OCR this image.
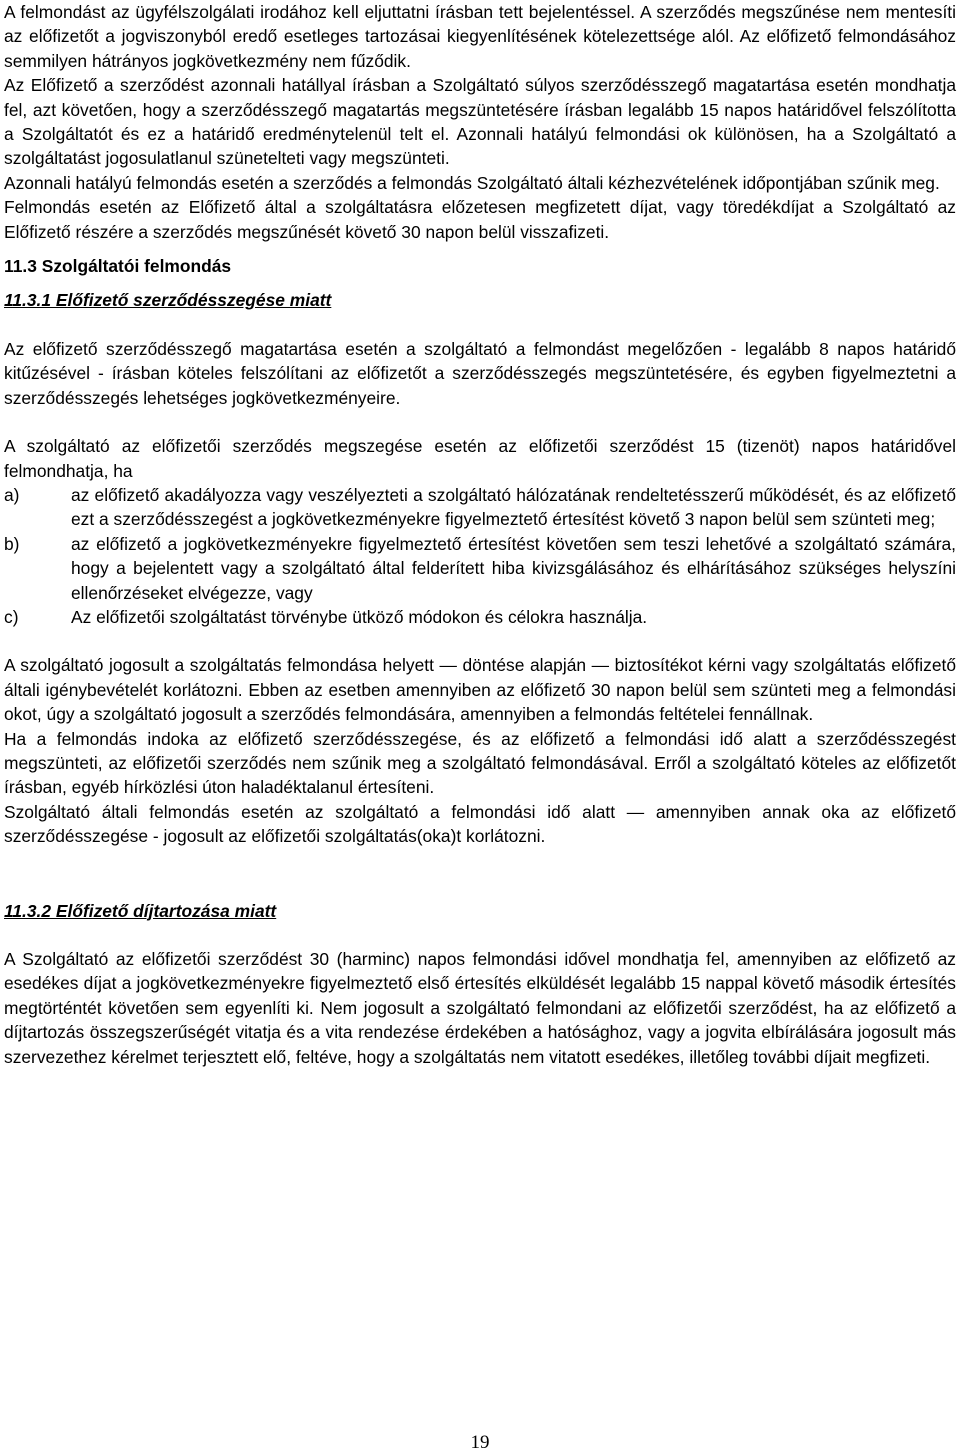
A felmondást az ügyfélszolgálati irodához kell eljuttatni írásban tett bejelentéssel. A szerződés megszűnése nem mentesíti az előfizetőt a jogviszonyból eredő esetleges tartozásai kiegyenlítésének kötelezettsége alól. Az előfizető felmondásához semmilyen hátrányos jogkövetkezmény nem fűződik.

Az Előfizető a szerződést azonnali hatállyal írásban a Szolgáltató súlyos szerződésszegő magatartása esetén mondhatja fel, azt követően, hogy a szerződésszegő magatartás megszüntetésére írásban legalább 15 napos határidővel felszólította a Szolgáltatót és ez a határidő eredménytelenül telt el. Azonnali hatályú felmondási ok különösen, ha a Szolgáltató a szolgáltatást jogosulatlanul szünetelteti vagy megszünteti.

Azonnali hatályú felmondás esetén a szerződés a felmondás Szolgáltató általi kézhezvételének időpontjában szűnik meg.

Felmondás esetén az Előfizető által a szolgáltatásra előzetesen megfizetett díjat, vagy töredékdíjat a Szolgáltató az Előfizető részére a szerződés megszűnését követő 30 napon belül visszafizeti.

11.3 Szolgáltatói felmondás

11.3.1 Előfizető szerződésszegése miatt

Az előfizető szerződésszegő magatartása esetén a szolgáltató a felmondást megelőzően - legalább 8 napos határidő kitűzésével - írásban köteles felszólítani az előfizetőt a szerződésszegés megszüntetésére, és egyben figyelmeztetni a szerződésszegés lehetséges jogkövetkezményeire.

A szolgáltató az előfizetői szerződés megszegése esetén az előfizetői szerződést 15 (tizenöt) napos határidővel felmondhatja, ha

a)	az előfizető akadályozza vagy veszélyezteti a szolgáltató hálózatának rendeltetésszerű működését, és az előfizető ezt a szerződésszegést a jogkövetkezményekre figyelmeztető értesítést követő 3 napon belül sem szünteti meg;
b)	az előfizető a jogkövetkezményekre figyelmeztető értesítést követően sem teszi lehetővé a szolgáltató számára, hogy a bejelentett vagy a szolgáltató által felderített hiba kivizsgálásához és elhárításához szükséges helyszíni ellenőrzéseket elvégezze, vagy
c)	Az előfizetői szolgáltatást törvénybe ütköző módokon és célokra használja.

A szolgáltató jogosult a szolgáltatás felmondása helyett — döntése alapján — biztosítékot kérni vagy szolgáltatás előfizető általi igénybevételét korlátozni. Ebben az esetben amennyiben az előfizető 30 napon belül sem szünteti meg a felmondási okot, úgy a szolgáltató jogosult a szerződés felmondására, amennyiben a felmondás feltételei fennállnak.

Ha a felmondás indoka az előfizető szerződésszegése, és az előfizető a felmondási idő alatt a szerződésszegést megszünteti, az előfizetői szerződés nem szűnik meg a szolgáltató felmondásával. Erről a szolgáltató köteles az előfizetőt írásban, egyéb hírközlési úton haladéktalanul értesíteni.

Szolgáltató általi felmondás esetén az szolgáltató a felmondási idő alatt — amennyiben annak oka az előfizető szerződésszegése - jogosult az előfizetői szolgáltatás(oka)t korlátozni.

11.3.2 Előfizető díjtartozása miatt

A Szolgáltató az előfizetői szerződést 30 (harminc) napos felmondási idővel mondhatja fel, amennyiben az előfizető az esedékes díjat a jogkövetkezményekre figyelmeztető első értesítés elküldését legalább 15 nappal követő második értesítés megtörténtét követően sem egyenlíti ki. Nem jogosult a szolgáltató felmondani az előfizetői szerződést, ha az előfizető a díjtartozás összegszerűségét vitatja és a vita rendezése érdekében a hatósághoz, vagy a jogvita elbírálására jogosult más szervezethez kérelmet terjesztett elő, feltéve, hogy a szolgáltatás nem vitatott esedékes, illetőleg további díjait megfizeti.

19
